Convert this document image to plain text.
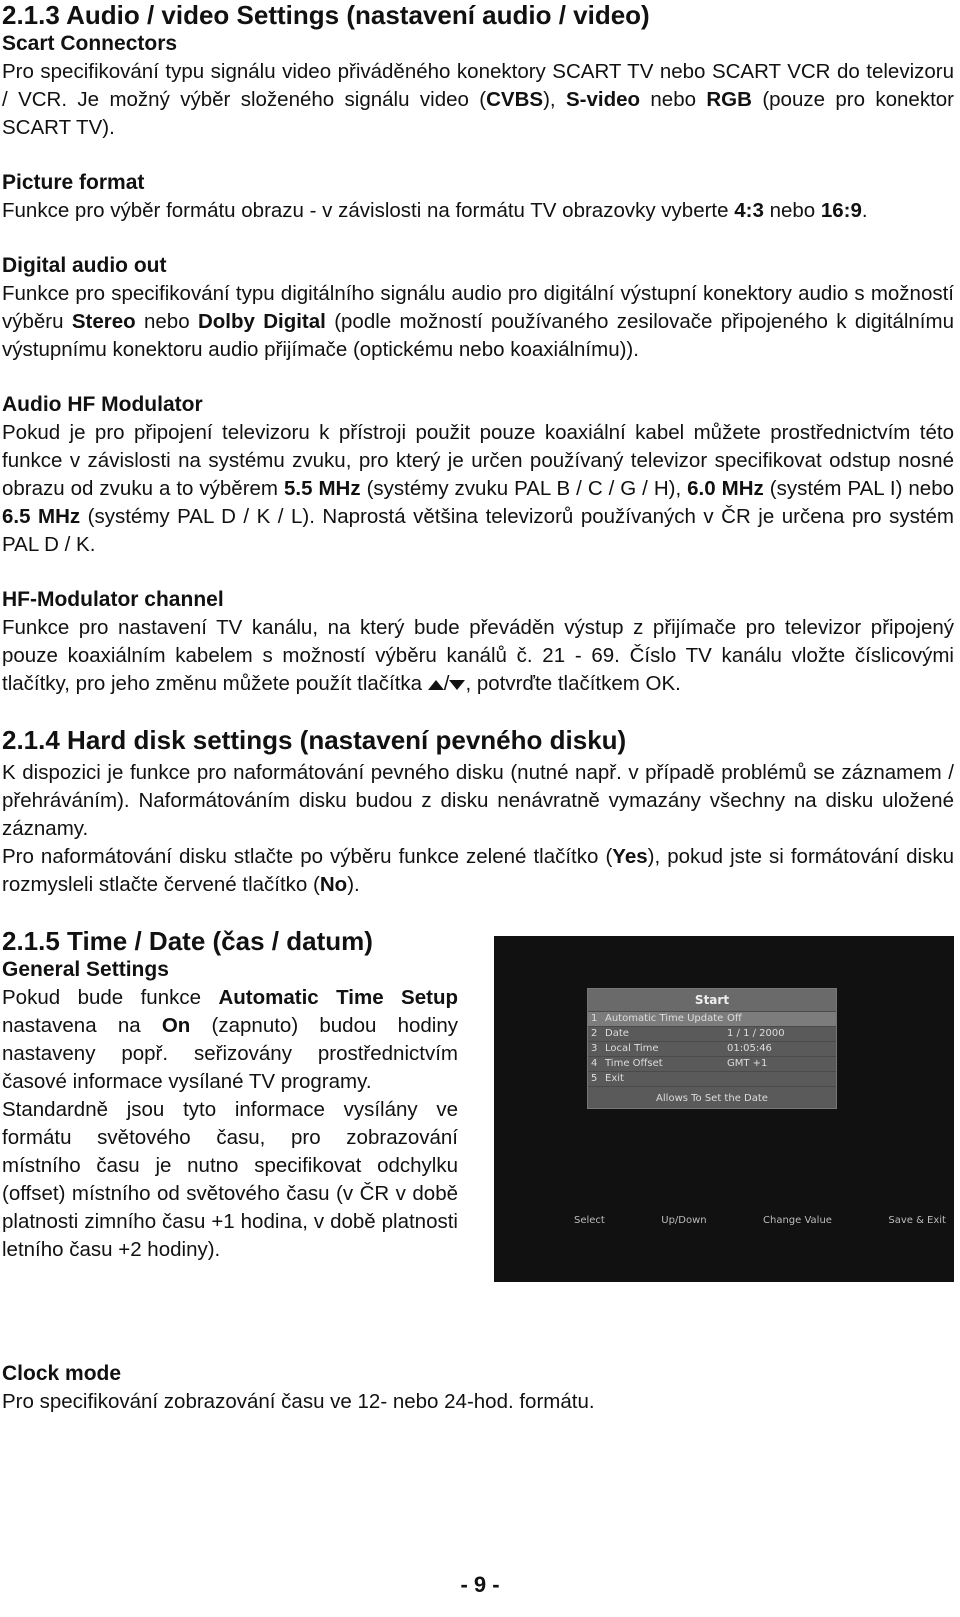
2.1.3 Audio / video Settings (nastavení audio / video)
Scart Connectors

Pro specifikování typu signálu video přiváděného konektory SCART TV nebo SCART VCR do televizoru / VCR. Je možný výběr složeného signálu video (CVBS), S-video nebo RGB (pouze pro konektor SCART TV).

Picture format

Funkce pro výběr formátu obrazu - v závislosti na formátu TV obrazovky vyberte 4:3 nebo 16:9.

Digital audio out

Funkce pro specifikování typu digitálního signálu audio pro digitální výstupní konektory audio s možností výběru Stereo nebo Dolby Digital (podle možností používaného zesilovače připojeného k digitálnímu výstupnímu konektoru audio přijímače (optickému nebo koaxiálnímu)).

Audio HF Modulator

Pokud je pro připojení televizoru k přístroji použit pouze koaxiální kabel můžete prostřednictvím této funkce v závislosti na systému zvuku, pro který je určen používaný televizor specifikovat odstup nosné obrazu od zvuku a to výběrem 5.5 MHz (systémy zvuku PAL B / C / G / H), 6.0 MHz (systém PAL I) nebo 6.5 MHz (systémy PAL D / K / L). Naprostá většina televizorů používaných v ČR je určena pro systém PAL D / K.

HF-Modulator channel

Funkce pro nastavení TV kanálu, na který bude převáděn výstup z přijímače pro televizor připojený pouze koaxiálním kabelem s možností výběru kanálů č. 21 - 69. Číslo TV kanálu vložte číslicovými tlačítky, pro jeho změnu můžete použít tlačítka / , potvrďte tlačítkem OK.

2.1.4 Hard disk settings (nastavení pevného disku)

K dispozici je funkce pro naformátování pevného disku (nutné např. v případě problémů se záznamem / přehráváním). Naformátováním disku budou z disku nenávratně vymazány všechny na disku uložené záznamy.

Pro naformátování disku stlačte po výběru funkce zelené tlačítko (Yes), pokud jste si formátování disku rozmysleli stlačte červené tlačítko (No).

2.1.5 Time / Date (čas / datum)
General Settings

Pokud bude funkce Automatic Time Setup nastavena na On (zapnuto) budou hodiny nastaveny popř. seřizovány prostřednictvím časové informace vysílané TV programy.

Standardně jsou tyto informace vysílány ve formátu světového času, pro zobrazování místního času je nutno specifikovat odchylku (offset) místního od světového času (v ČR v době platnosti zimního času +1 hodina, v době platnosti letního času +2 hodiny).

Start
1 Automatic Time Update Off
2 Date	1 / 1 / 2000
3 Local Time	01:05:46
4 Time Offset	GMT +1
5 Exit
Allows To Set the Date
Select	Up/Down	Change Value	Save & Exit
Clock mode

Pro specifikování zobrazování času ve 12- nebo 24-hod. formátu.

- 9 -
